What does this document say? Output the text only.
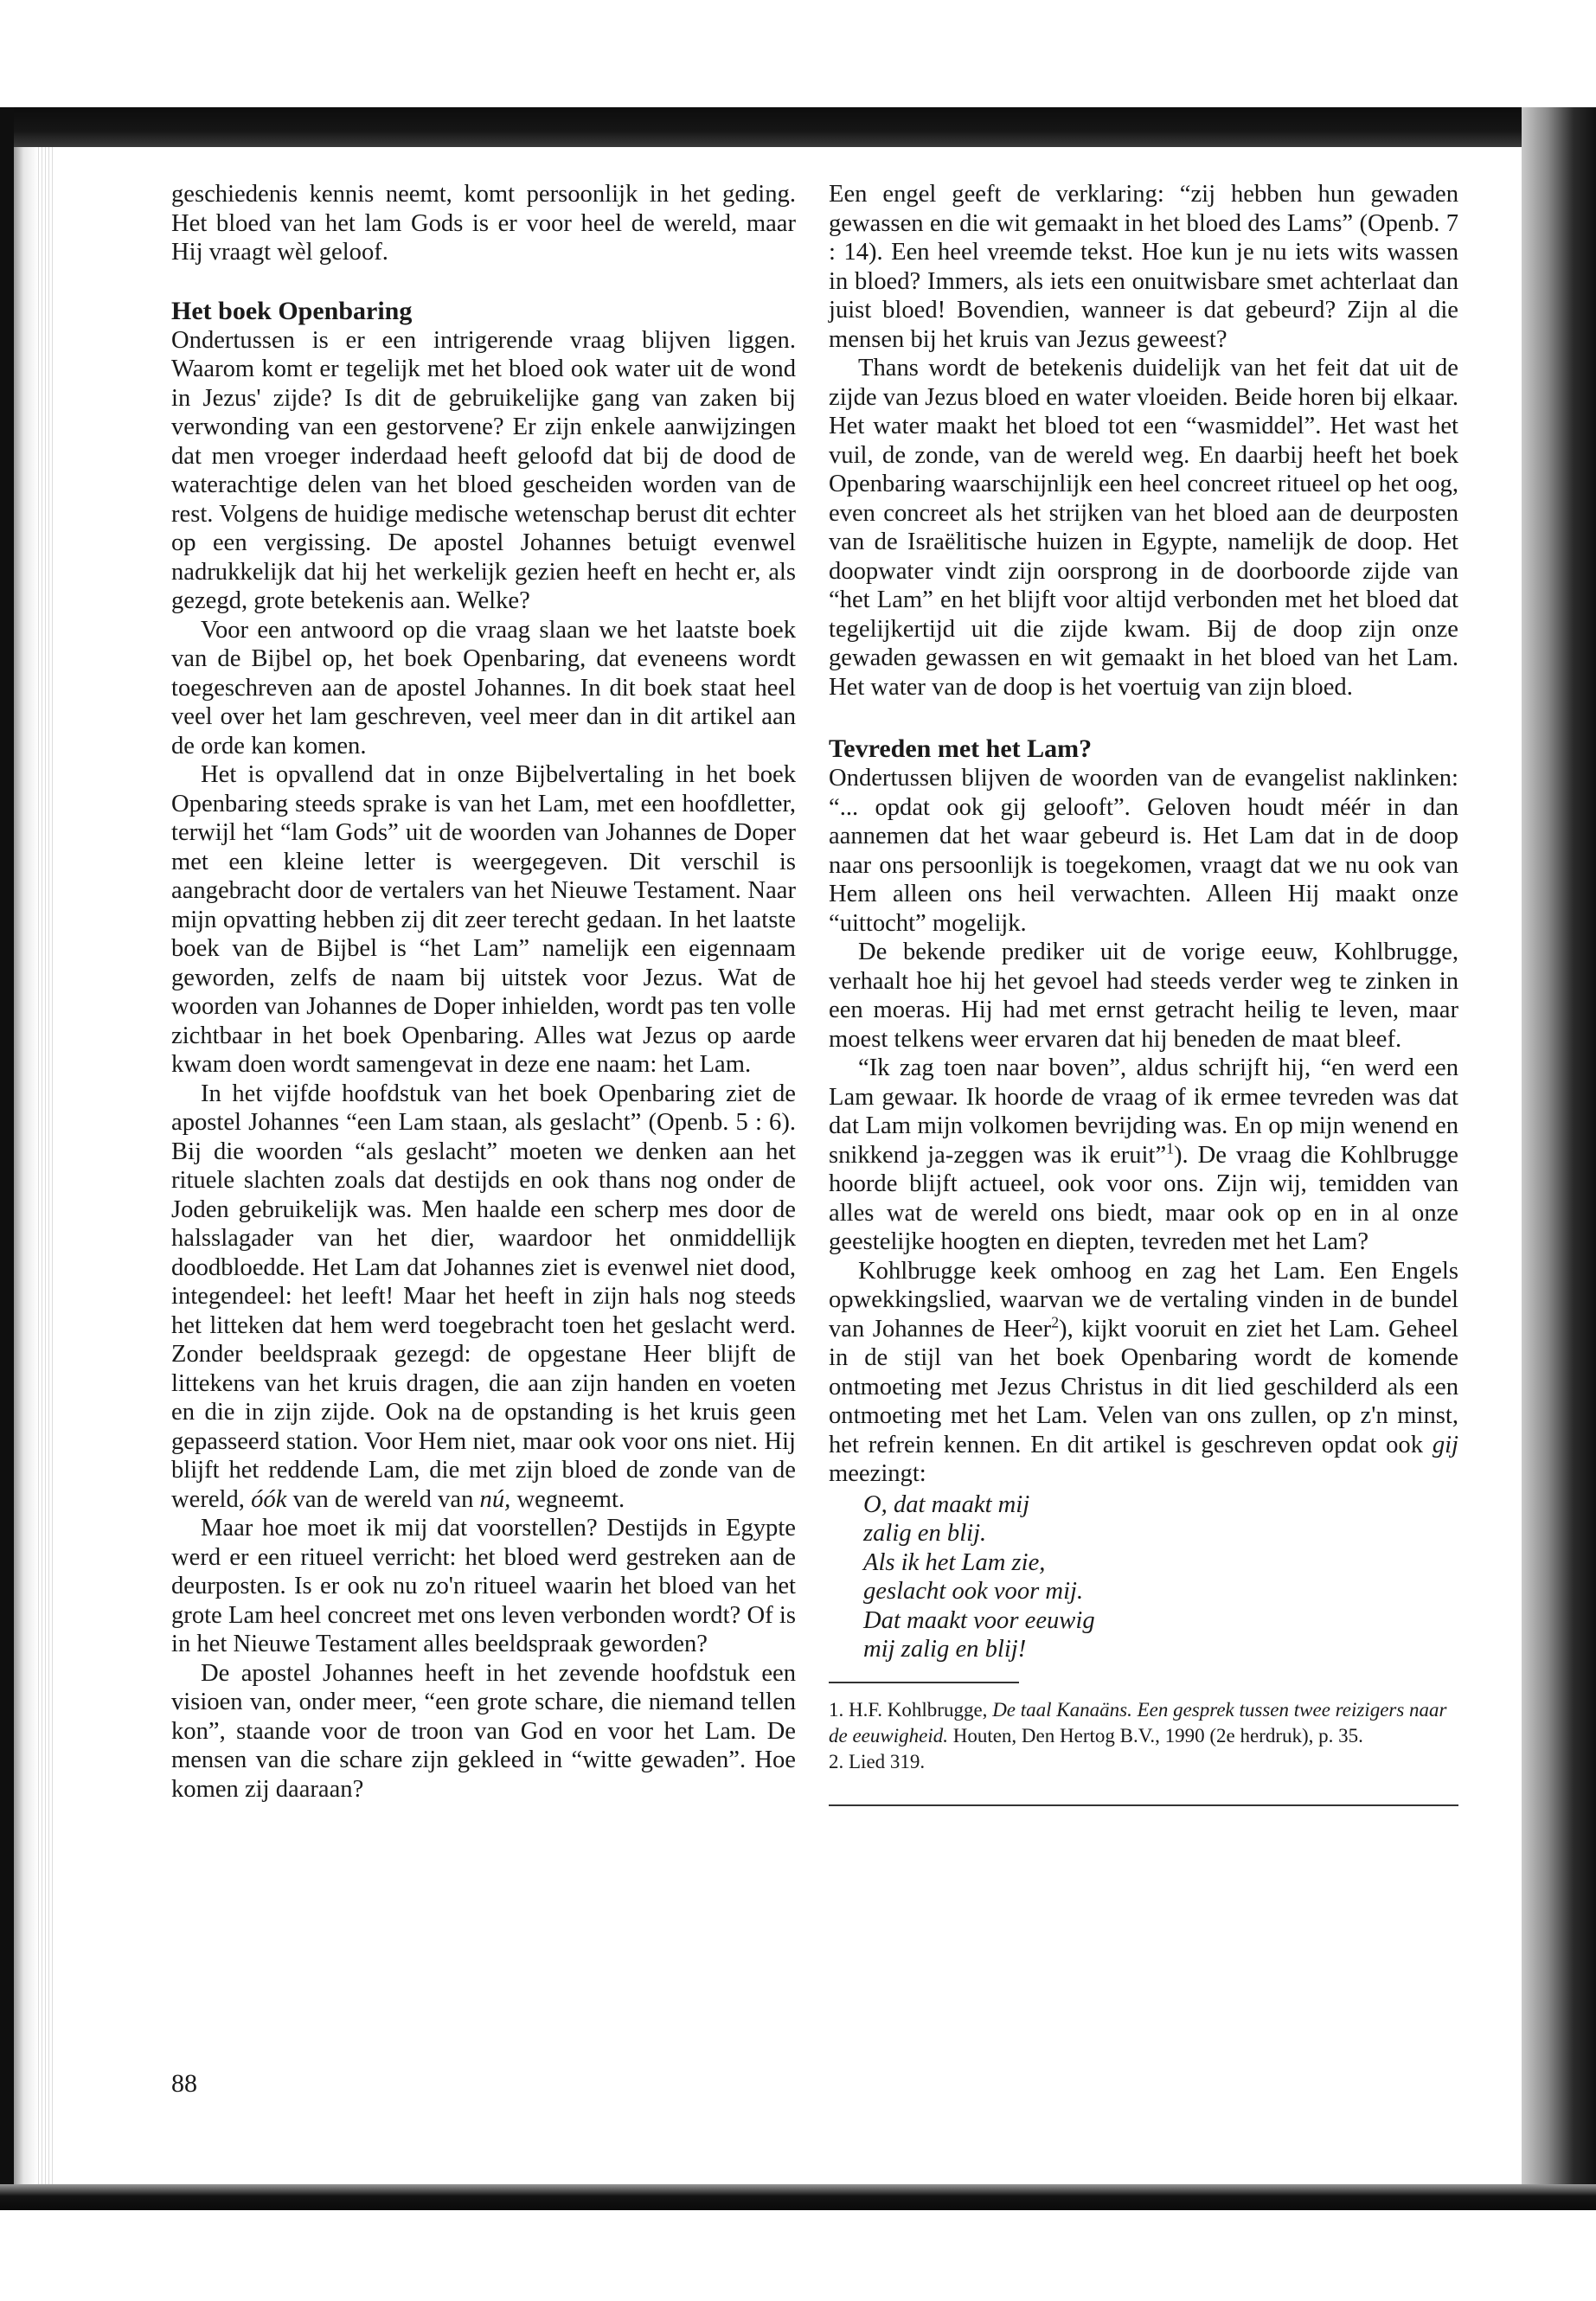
geschiedenis kennis neemt, komt persoonlijk in het geding. Het bloed van het lam Gods is er voor heel de wereld, maar Hij vraagt wèl geloof.

Het boek Openbaring

Ondertussen is er een intrigerende vraag blijven liggen. Waarom komt er tegelijk met het bloed ook water uit de wond in Jezus' zijde? Is dit de gebruikelijke gang van zaken bij verwonding van een gestorvene? Er zijn enkele aanwijzingen dat men vroeger inderdaad heeft geloofd dat bij de dood de waterachtige delen van het bloed gescheiden worden van de rest. Volgens de huidige medische wetenschap berust dit echter op een vergissing. De apostel Johannes betuigt evenwel nadrukkelijk dat hij het werkelijk gezien heeft en hecht er, als gezegd, grote betekenis aan. Welke?

Voor een antwoord op die vraag slaan we het laatste boek van de Bijbel op, het boek Openbaring, dat eveneens wordt toegeschreven aan de apostel Johannes. In dit boek staat heel veel over het lam geschreven, veel meer dan in dit artikel aan de orde kan komen.

Het is opvallend dat in onze Bijbelvertaling in het boek Openbaring steeds sprake is van het Lam, met een hoofdletter, terwijl het “lam Gods” uit de woorden van Johannes de Doper met een kleine letter is weergegeven. Dit verschil is aangebracht door de vertalers van het Nieuwe Testament. Naar mijn opvatting hebben zij dit zeer terecht gedaan. In het laatste boek van de Bijbel is “het Lam” namelijk een eigennaam geworden, zelfs de naam bij uitstek voor Jezus. Wat de woorden van Johannes de Doper inhielden, wordt pas ten volle zichtbaar in het boek Openbaring. Alles wat Jezus op aarde kwam doen wordt samengevat in deze ene naam: het Lam.

In het vijfde hoofdstuk van het boek Openbaring ziet de apostel Johannes “een Lam staan, als geslacht” (Openb. 5 : 6). Bij die woorden “als geslacht” moeten we denken aan het rituele slachten zoals dat destijds en ook thans nog onder de Joden gebruikelijk was. Men haalde een scherp mes door de halsslagader van het dier, waardoor het onmiddellijk doodbloedde. Het Lam dat Johannes ziet is evenwel niet dood, integendeel: het leeft! Maar het heeft in zijn hals nog steeds het litteken dat hem werd toegebracht toen het geslacht werd. Zonder beeldspraak gezegd: de opgestane Heer blijft de littekens van het kruis dragen, die aan zijn handen en voeten en die in zijn zijde. Ook na de opstanding is het kruis geen gepasseerd station. Voor Hem niet, maar ook voor ons niet. Hij blijft het reddende Lam, die met zijn bloed de zonde van de wereld, óók van de wereld van nú, wegneemt.

Maar hoe moet ik mij dat voorstellen? Destijds in Egypte werd er een ritueel verricht: het bloed werd gestreken aan de deurposten. Is er ook nu zo'n ritueel waarin het bloed van het grote Lam heel concreet met ons leven verbonden wordt? Of is in het Nieuwe Testament alles beeldspraak geworden?

De apostel Johannes heeft in het zevende hoofdstuk een visioen van, onder meer, “een grote schare, die niemand tellen kon”, staande voor de troon van God en voor het Lam. De mensen van die schare zijn gekleed in “witte gewaden”. Hoe komen zij daaraan?

88

Een engel geeft de verklaring: “zij hebben hun gewaden gewassen en die wit gemaakt in het bloed des Lams” (Openb. 7 : 14). Een heel vreemde tekst. Hoe kun je nu iets wits wassen in bloed? Immers, als iets een onuitwisbare smet achterlaat dan juist bloed! Bovendien, wanneer is dat gebeurd? Zijn al die mensen bij het kruis van Jezus geweest?

Thans wordt de betekenis duidelijk van het feit dat uit de zijde van Jezus bloed en water vloeiden. Beide horen bij elkaar. Het water maakt het bloed tot een “wasmiddel”. Het wast het vuil, de zonde, van de wereld weg. En daarbij heeft het boek Openbaring waarschijnlijk een heel concreet ritueel op het oog, even concreet als het strijken van het bloed aan de deurposten van de Israëlitische huizen in Egypte, namelijk de doop. Het doopwater vindt zijn oorsprong in de doorboorde zijde van “het Lam” en het blijft voor altijd verbonden met het bloed dat tegelijkertijd uit die zijde kwam. Bij de doop zijn onze gewaden gewassen en wit gemaakt in het bloed van het Lam. Het water van de doop is het voertuig van zijn bloed.

Tevreden met het Lam?

Ondertussen blijven de woorden van de evangelist naklinken: “... opdat ook gij gelooft”. Geloven houdt méér in dan aannemen dat het waar gebeurd is. Het Lam dat in de doop naar ons persoonlijk is toegekomen, vraagt dat we nu ook van Hem alleen ons heil verwachten. Alleen Hij maakt onze “uittocht” mogelijk.

De bekende prediker uit de vorige eeuw, Kohlbrugge, verhaalt hoe hij het gevoel had steeds verder weg te zinken in een moeras. Hij had met ernst getracht heilig te leven, maar moest telkens weer ervaren dat hij beneden de maat bleef.

“Ik zag toen naar boven”, aldus schrijft hij, “en werd een Lam gewaar. Ik hoorde de vraag of ik ermee tevreden was dat dat Lam mijn volkomen bevrijding was. En op mijn wenend en snikkend ja-zeggen was ik eruit”$^1$). De vraag die Kohlbrugge hoorde blijft actueel, ook voor ons. Zijn wij, temidden van alles wat de wereld ons biedt, maar ook op en in al onze geestelijke hoogten en diepten, tevreden met het Lam?

Kohlbrugge keek omhoog en zag het Lam. Een Engels opwekkingslied, waarvan we de vertaling vinden in de bundel van Johannes de Heer$^2$), kijkt vooruit en ziet het Lam. Geheel in de stijl van het boek Openbaring wordt de komende ontmoeting met Jezus Christus in dit lied geschilderd als een ontmoeting met het Lam. Velen van ons zullen, op z'n minst, het refrein kennen. En dit artikel is geschreven opdat ook gij meezingt:

O, dat maakt mij
zalig en blij.
Als ik het Lam zie,
geslacht ook voor mij.
Dat maakt voor eeuwig
mij zalig en blij!
1. H.F. Kohlbrugge, De taal Kanaäns. Een gesprek tussen twee reizigers naar de eeuwigheid. Houten, Den Hertog B.V., 1990 (2e herdruk), p. 35.
2. Lied 319.
